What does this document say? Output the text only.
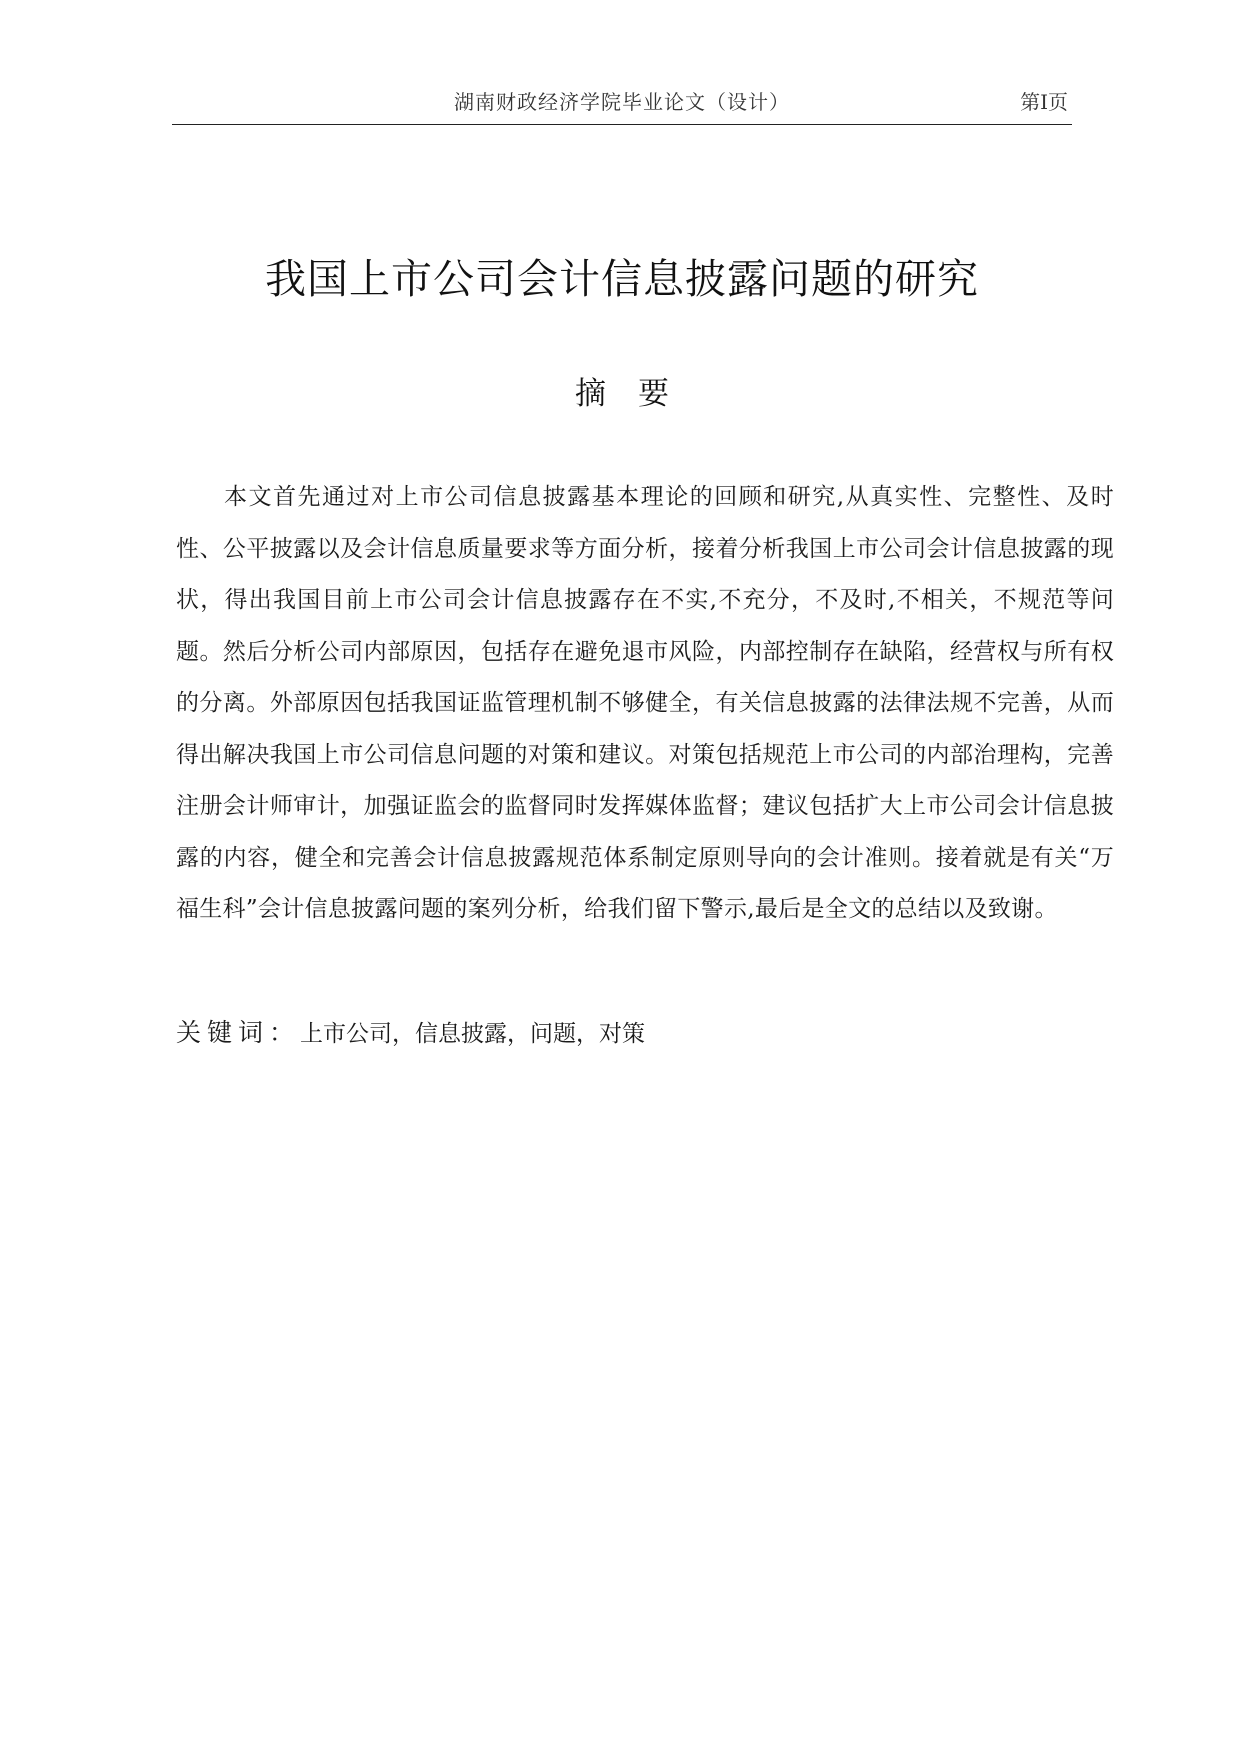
湖南财政经济学院毕业论文（设计）	第Ⅰ页
我国上市公司会计信息披露问题的研究
摘 要

本文首先通过对上市公司信息披露基本理论的回顾和研究,从真实性、完整性、及时性、公平披露以及会计信息质量要求等方面分析，接着分析我国上市公司会计信息披露的现状，得出我国目前上市公司会计信息披露存在不实,不充分，不及时,不相关，不规范等问题。然后分析公司内部原因，包括存在避免退市风险，内部控制存在缺陷，经营权与所有权的分离。外部原因包括我国证监管理机制不够健全，有关信息披露的法律法规不完善，从而得出解决我国上市公司信息问题的对策和建议。对策包括规范上市公司的内部治理构，完善注册会计师审计，加强证监会的监督同时发挥媒体监督；建议包括扩大上市公司会计信息披露的内容，健全和完善会计信息披露规范体系制定原则导向的会计准则。接着就是有关“万福生科”会计信息披露问题的案列分析，给我们留下警示,最后是全文的总结以及致谢。

关键词：上市公司，信息披露，问题，对策
